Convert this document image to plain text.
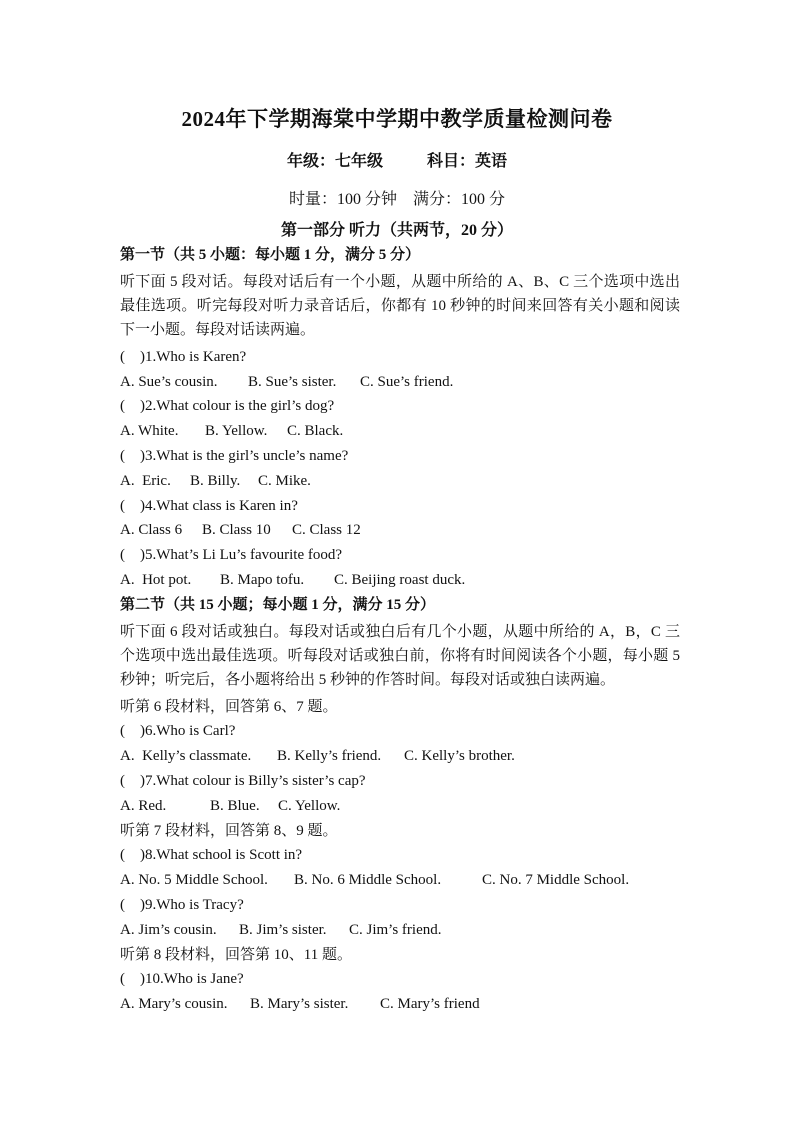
2024年下学期海棠中学期中教学质量检测问卷
年级：七年级	科目：英语
时量：100 分钟 满分：100 分
第一部分 听力（共两节，20 分）
第一节（共 5 小题：每小题 1 分，满分 5 分）
听下面 5 段对话。每段对话后有一个小题，从题中所给的 A、B、C 三个选项中选出最佳选项。听完每段对听力录音话后，你都有 10 秒钟的时间来回答有关小题和阅读下一小题。每段对话读两遍。
( )1.Who is Karen?
A. Sue’s cousin. B. Sue’s sister. C. Sue’s friend.
( )2.What colour is the girl’s dog?
A. White. B. Yellow. C. Black.
( )3.What is the girl’s uncle’s name?
A.  Eric. B. Billy. C. Mike.
( )4.What class is Karen in?
A. Class 6 B. Class 10 C. Class 12
( )5.What’s Li Lu’s favourite food?
A.  Hot pot. B. Mapo tofu. C. Beijing roast duck.
第二节（共 15 小题；每小题 1 分，满分 15 分）
听下面 6 段对话或独白。每段对话或独白后有几个小题，从题中所给的 A，B，C 三个选项中选出最佳选项。听每段对话或独白前，你将有时间阅读各个小题，每小题 5 秒钟；听完后，各小题将给出 5 秒钟的作答时间。每段对话或独白读两遍。
听第 6 段材料，回答第 6、7 题。
( )6.Who is Carl?
A.  Kelly’s classmate. B. Kelly’s friend. C. Kelly’s brother.
( )7.What colour is Billy’s sister’s cap?
A. Red.	B. Blue. C. Yellow.
听第 7 段材料，回答第 8、9 题。
( )8.What school is Scott in?
A. No. 5 Middle School. B. No. 6 Middle School.	C. No. 7 Middle School.
( )9.Who is Tracy?
A. Jim’s cousin. B. Jim’s sister. C. Jim’s friend.
听第 8 段材料，回答第 10、11 题。
( )10.Who is Jane?
A. Mary’s cousin. B. Mary’s sister. C. Mary’s friend
